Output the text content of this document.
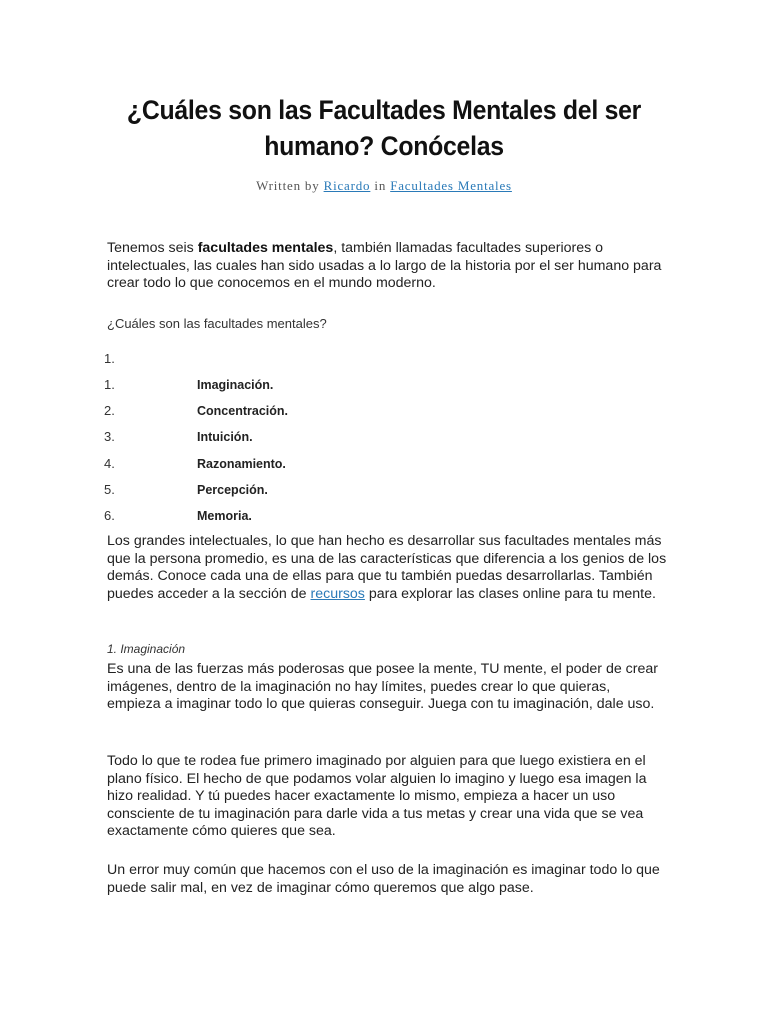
¿Cuáles son las Facultades Mentales del ser humano? Conócelas
Written by Ricardo in Facultades Mentales

Tenemos seis facultades mentales, también llamadas facultades superiores o intelectuales, las cuales han sido usadas a lo largo de la historia por el ser humano para crear todo lo que conocemos en el mundo moderno.

¿Cuáles son las facultades mentales?

1.
1.	Imaginación.
2.	Concentración.
3.	Intuición.
4.	Razonamiento.
5.	Percepción.
6.	Memoria.

Los grandes intelectuales, lo que han hecho es desarrollar sus facultades mentales más que la persona promedio, es una de las características que diferencia a los genios de los demás. Conoce cada una de ellas para que tu también puedas desarrollarlas. También puedes acceder a la sección de recursos para explorar las clases online para tu mente.

1. Imaginación

Es una de las fuerzas más poderosas que posee la mente, TU mente, el poder de crear imágenes, dentro de la imaginación no hay límites, puedes crear lo que quieras, empieza a imaginar todo lo que quieras conseguir. Juega con tu imaginación, dale uso.

Todo lo que te rodea fue primero imaginado por alguien para que luego existiera en el plano físico. El hecho de que podamos volar alguien lo imagino y luego esa imagen la hizo realidad. Y tú puedes hacer exactamente lo mismo, empieza a hacer un uso consciente de tu imaginación para darle vida a tus metas y crear una vida que se vea exactamente cómo quieres que sea.

Un error muy común que hacemos con el uso de la imaginación es imaginar todo lo que puede salir mal, en vez de imaginar cómo queremos que algo pase.
